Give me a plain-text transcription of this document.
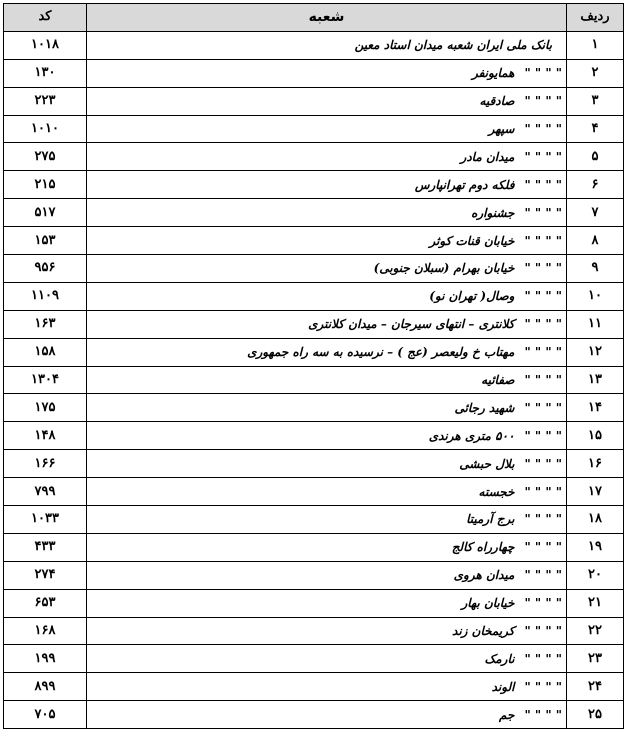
ردیف	شعبه	کد
۱	بانک ملی ایران شعبه میدان استاد معین	۱۰۱۸
۲	" " " "همایونفر	۱۳۰
۳	" " " "صادقیه	۲۲۳
۴	" " " "سپهر	۱۰۱۰
۵	" " " "میدان مادر	۲۷۵
۶	" " " "فلکه دوم تهرانپارس	۲۱۵
۷	" " " "جشنواره	۵۱۷
۸	" " " "خیابان قنات کوثر	۱۵۳
۹	" " " "خیابان بهرام (سبلان جنوبی)	۹۵۶
۱۰	" " " "وصال( تهران نو)	۱۱۰۹
۱۱	" " " "کلانتری – انتهای سیرجان – میدان کلانتری	۱۶۳
۱۲	" " " "مهتاب خ ولیعصر (عج ) – نرسیده به سه راه جمهوری	۱۵۸
۱۳	" " " "صفائیه	۱۳۰۴
۱۴	" " " "شهید رجائی	۱۷۵
۱۵	" " " "۵۰۰ متری هرندی	۱۴۸
۱۶	" " " "بلال حبشی	۱۶۶
۱۷	" " " "خجسته	۷۹۹
۱۸	" " " "برج آرمیتا	۱۰۳۳
۱۹	" " " "چهارراه کالج	۴۳۳
۲۰	" " " "میدان هروی	۲۷۴
۲۱	" " " "خیابان بهار	۶۵۳
۲۲	" " " "کریمخان زند	۱۶۸
۲۳	" " " "نارمک	۱۹۹
۲۴	" " " "الوند	۸۹۹
۲۵	" " " "جم	۷۰۵
